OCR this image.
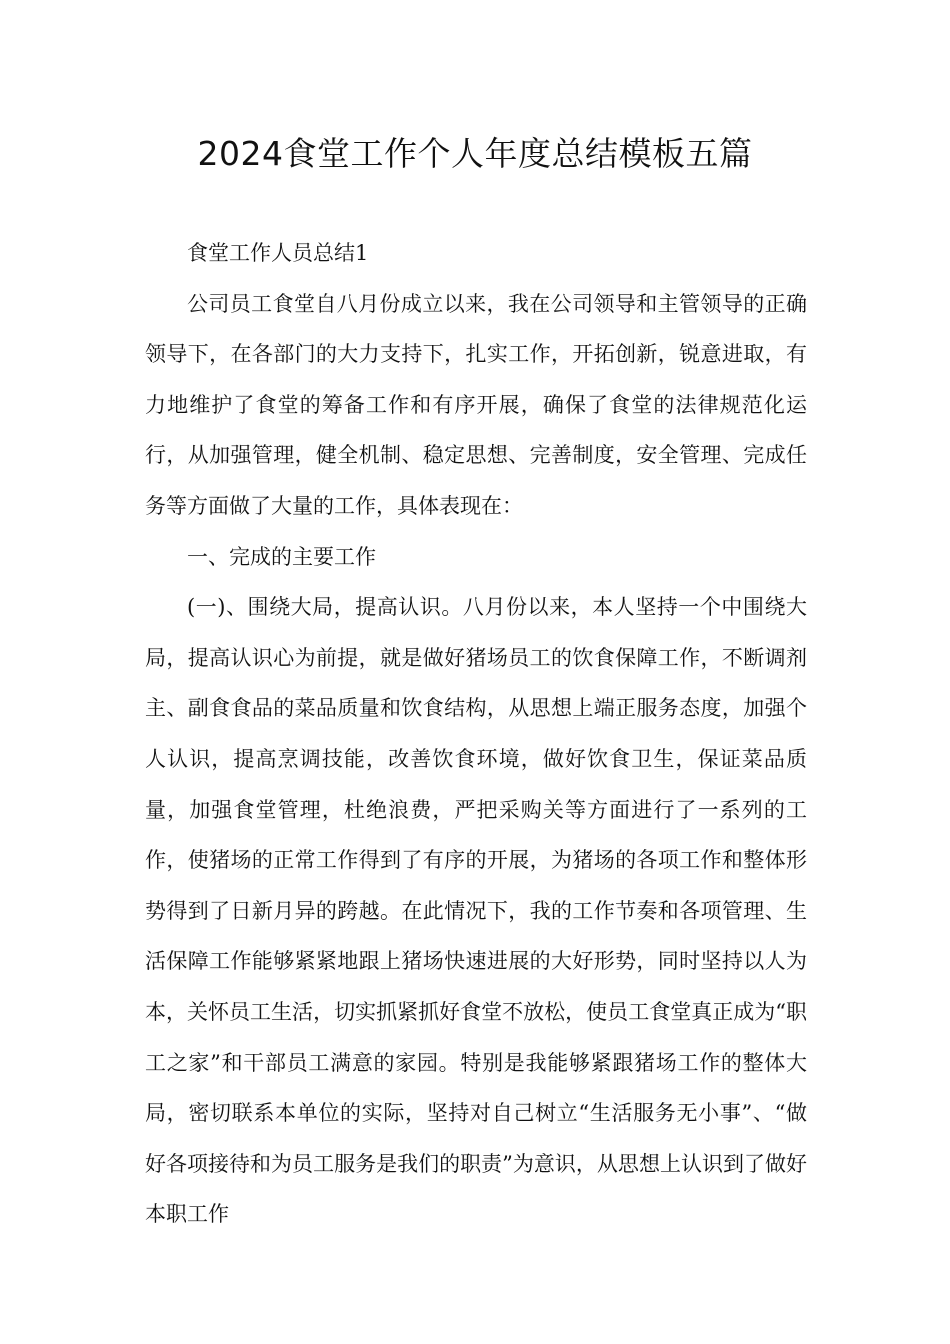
2024食堂工作个人年度总结模板五篇

食堂工作人员总结1

公司员工食堂自八月份成立以来，我在公司领导和主管领导的正确领导下，在各部门的大力支持下，扎实工作，开拓创新，锐意进取，有力地维护了食堂的筹备工作和有序开展，确保了食堂的法律规范化运行，从加强管理，健全机制、稳定思想、完善制度，安全管理、完成任务等方面做了大量的工作，具体表现在：

一、完成的主要工作

(一)、围绕大局，提高认识。八月份以来，本人坚持一个中围绕大局，提高认识心为前提，就是做好猪场员工的饮食保障工作，不断调剂主、副食食品的菜品质量和饮食结构，从思想上端正服务态度，加强个人认识，提高烹调技能，改善饮食环境，做好饮食卫生，保证菜品质量，加强食堂管理，杜绝浪费，严把采购关等方面进行了一系列的工作，使猪场的正常工作得到了有序的开展，为猪场的各项工作和整体形势得到了日新月异的跨越。在此情况下，我的工作节奏和各项管理、生活保障工作能够紧紧地跟上猪场快速进展的大好形势，同时坚持以人为本，关怀员工生活，切实抓紧抓好食堂不放松，使员工食堂真正成为“职工之家”和干部员工满意的家园。特别是我能够紧跟猪场工作的整体大局，密切联系本单位的实际，坚持对自己树立“生活服务无小事”、“做好各项接待和为员工服务是我们的职责”为意识，从思想上认识到了做好本职工作
